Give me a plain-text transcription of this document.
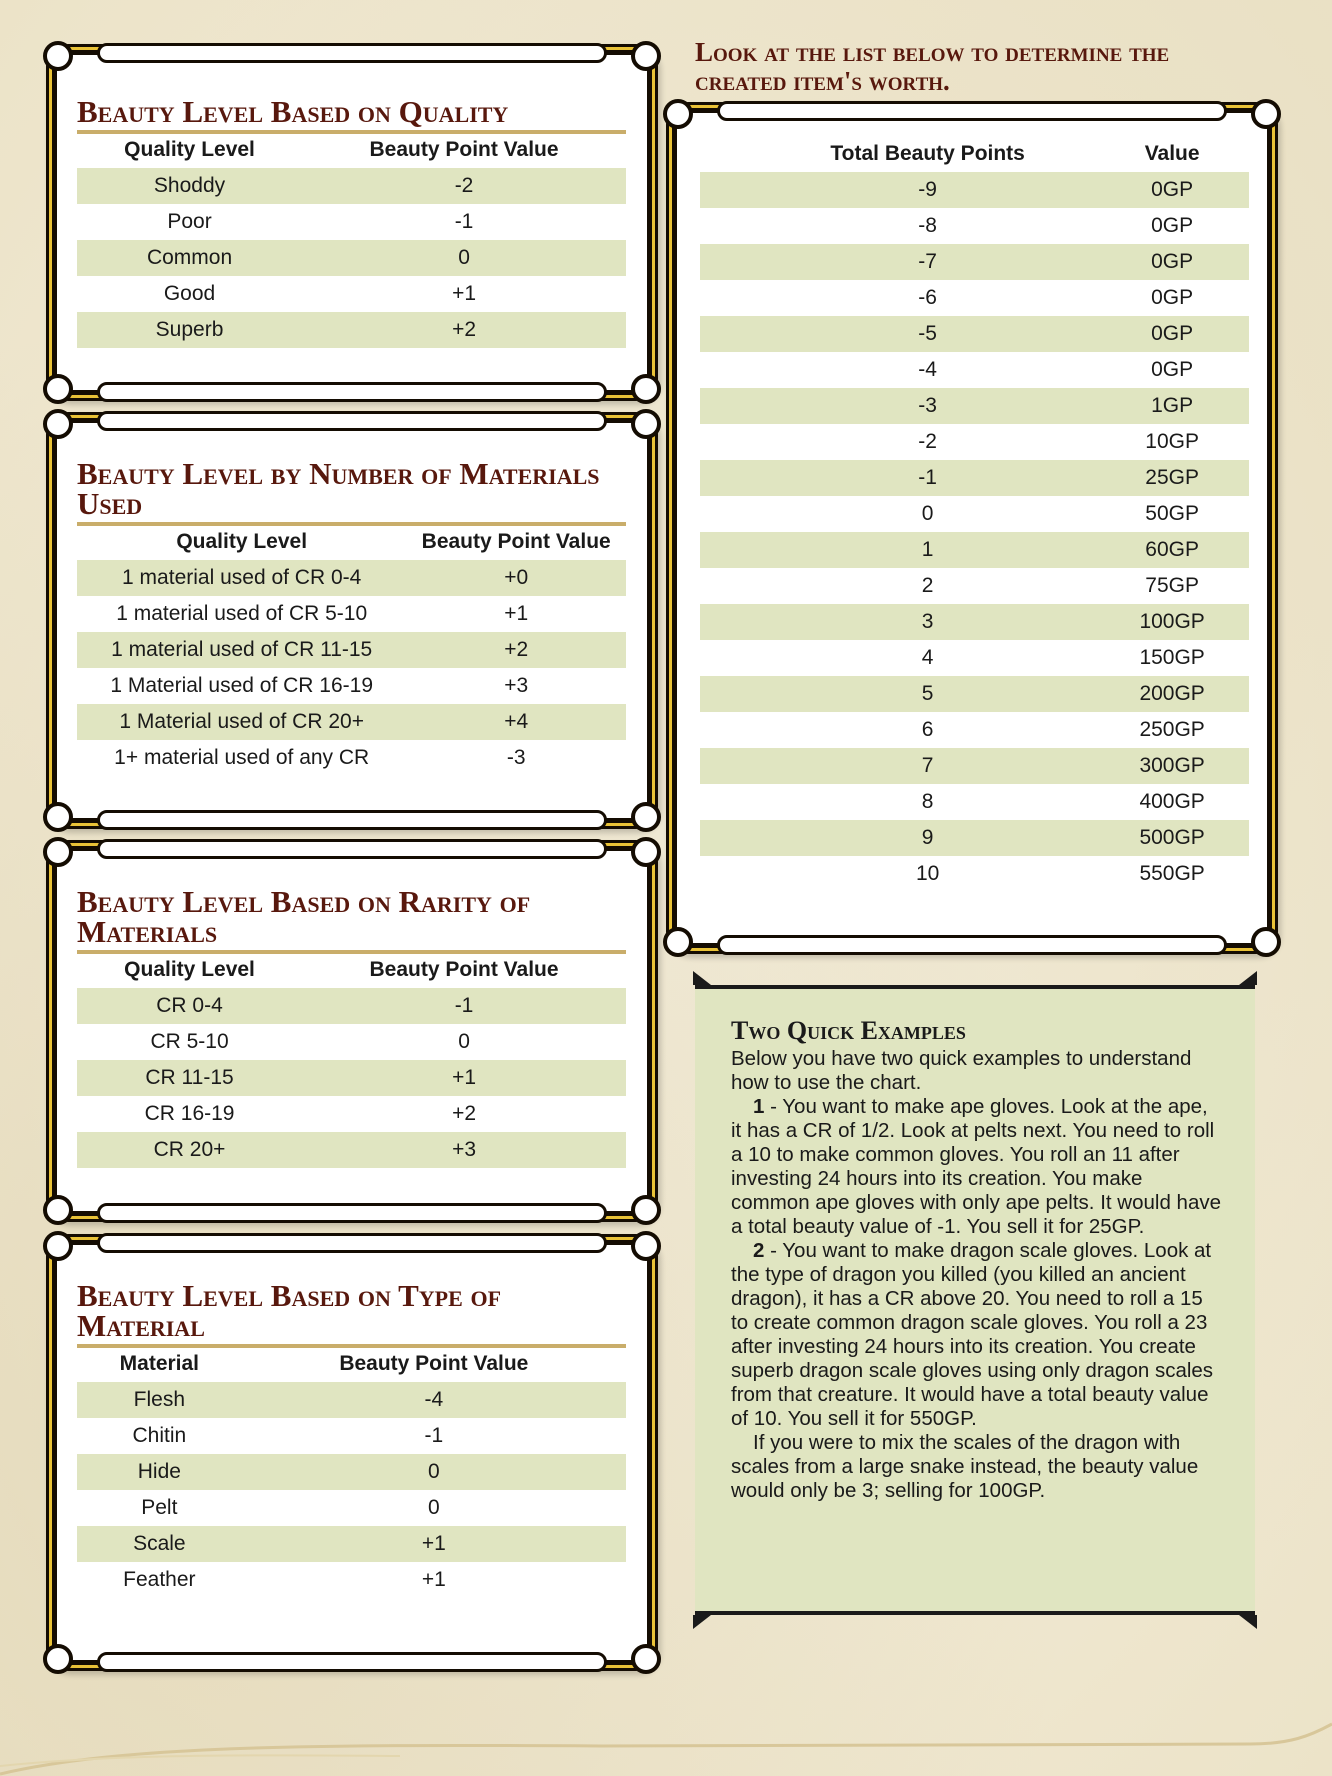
Look at the list below to determine the created item's worth.
Beauty Level Based on Quality
Quality Level	Beauty Point Value
Shoddy	-2
Poor	-1
Common	0
Good	+1
Superb	+2
Beauty Level by Number of Materials Used
Quality Level	Beauty Point Value
1 material used of CR 0-4	+0
1 material used of CR 5-10	+1
1 material used of CR 11-15	+2
1 Material used of CR 16-19	+3
1 Material used of CR 20+	+4
1+ material used of any CR	-3
Beauty Level Based on Rarity of Materials
Quality Level	Beauty Point Value
CR 0-4	-1
CR 5-10	0
CR 11-15	+1
CR 16-19	+2
CR 20+	+3
Beauty Level Based on Type of Material
Material	Beauty Point Value
Flesh	-4
Chitin	-1
Hide	0
Pelt	0
Scale	+1
Feather	+1
Total Beauty Points	Value
-9	0GP
-8	0GP
-7	0GP
-6	0GP
-5	0GP
-4	0GP
-3	1GP
-2	10GP
-1	25GP
0	50GP
1	60GP
2	75GP
3	100GP
4	150GP
5	200GP
6	250GP
7	300GP
8	400GP
9	500GP
10	550GP
Two Quick Examples

Below you have two quick examples to understand how to use the chart.

1 - You want to make ape gloves. Look at the ape, it has a CR of 1/2. Look at pelts next. You need to roll a 10 to make common gloves. You roll an 11 after investing 24 hours into its creation. You make common ape gloves with only ape pelts. It would have a total beauty value of -1. You sell it for 25GP.

2 - You want to make dragon scale gloves. Look at the type of dragon you killed (you killed an ancient dragon), it has a CR above 20. You need to roll a 15 to create common dragon scale gloves. You roll a 23 after investing 24 hours into its creation. You create superb dragon scale gloves using only dragon scales from that creature. It would have a total beauty value of 10. You sell it for 550GP.

If you were to mix the scales of the dragon with scales from a large snake instead, the beauty value would only be 3; selling for 100GP.
